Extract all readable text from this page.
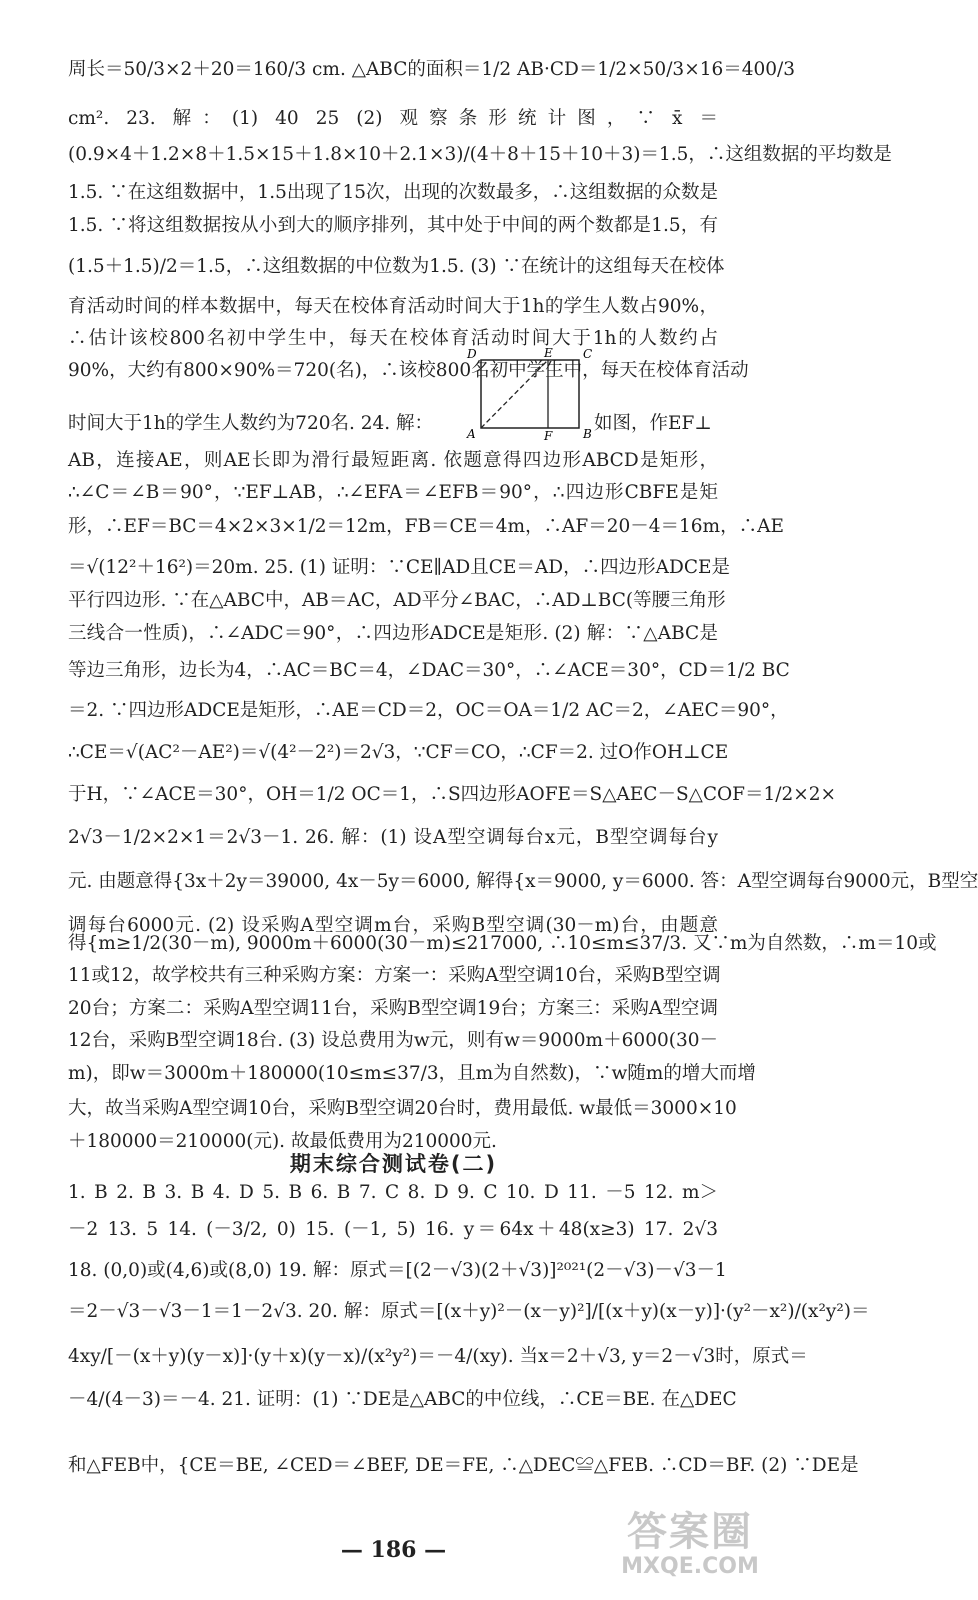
周长＝50/3×2＋20＝160/3 cm. △ABC的面积＝1/2 AB·CD＝1/2×50/3×16＝400/3
cm². 23. 解：(1) 40 25 (2) 观察条形统计图，∵ x̄ ＝
(0.9×4＋1.2×8＋1.5×15＋1.8×10＋2.1×3)/(4＋8＋15＋10＋3)＝1.5，∴这组数据的平均数是
1.5. ∵在这组数据中，1.5出现了15次，出现的次数最多，∴这组数据的众数是
1.5. ∵将这组数据按从小到大的顺序排列，其中处于中间的两个数都是1.5，有
(1.5＋1.5)/2＝1.5，∴这组数据的中位数为1.5. (3) ∵在统计的这组每天在校体
育活动时间的样本数据中，每天在校体育活动时间大于1h的学生人数占90%，
∴估计该校800名初中学生中，每天在校体育活动时间大于1h的人数约占
90%，大约有800×90%＝720(名)，∴该校800名初中学生中，每天在校体育活动
时间大于1h的学生人数约为720名. 24. 解：	如图，作EF⊥
AB，连接AE，则AE长即为滑行最短距离. 依题意得四边形ABCD是矩形，
∴∠C＝∠B＝90°，∵EF⊥AB，∴∠EFA＝∠EFB＝90°，∴四边形CBFE是矩
形，∴EF＝BC＝4×2×3×1/2＝12m，FB＝CE＝4m，∴AF＝20－4＝16m，∴AE
＝√(12²＋16²)＝20m. 25. (1) 证明：∵CE∥AD且CE＝AD，∴四边形ADCE是
平行四边形. ∵在△ABC中，AB＝AC，AD平分∠BAC，∴AD⊥BC(等腰三角形
三线合一性质)，∴∠ADC＝90°，∴四边形ADCE是矩形. (2) 解：∵△ABC是
等边三角形，边长为4，∴AC＝BC＝4，∠DAC＝30°，∴∠ACE＝30°，CD＝1/2 BC
＝2. ∵四边形ADCE是矩形，∴AE＝CD＝2，OC＝OA＝1/2 AC＝2，∠AEC＝90°，
∴CE＝√(AC²－AE²)＝√(4²－2²)＝2√3，∵CF＝CO，∴CF＝2. 过O作OH⊥CE
于H，∵∠ACE＝30°，OH＝1/2 OC＝1，∴S四边形AOFE＝S△AEC－S△COF＝1/2×2×
2√3－1/2×2×1＝2√3－1. 26. 解：(1) 设A型空调每台x元，B型空调每台y
元. 由题意得{3x＋2y＝39000, 4x－5y＝6000, 解得{x＝9000, y＝6000. 答：A型空调每台9000元，B型空
调每台6000元. (2) 设采购A型空调m台，采购B型空调(30－m)台，由题意
得{m≥1/2(30－m), 9000m＋6000(30－m)≤217000, ∴10≤m≤37/3. 又∵m为自然数，∴m＝10或
11或12，故学校共有三种采购方案：方案一：采购A型空调10台，采购B型空调
20台；方案二：采购A型空调11台，采购B型空调19台；方案三：采购A型空调
12台，采购B型空调18台. (3) 设总费用为w元，则有w＝9000m＋6000(30－
m)，即w＝3000m＋180000(10≤m≤37/3，且m为自然数)，∵w随m的增大而增
大，故当采购A型空调10台，采购B型空调20台时，费用最低. w最低＝3000×10
＋180000＝210000(元). 故最低费用为210000元.
期末综合测试卷(二)
1. B 2. B 3. B 4. D 5. B 6. B 7. C 8. D 9. C 10. D 11. －5 12. m＞
－2 13. 5 14. (－3/2, 0) 15. (－1, 5) 16. y＝64x＋48(x≥3) 17. 2√3
18. (0,0)或(4,6)或(8,0) 19. 解：原式＝[(2－√3)(2＋√3)]²⁰²¹(2－√3)－√3－1
＝2－√3－√3－1＝1－2√3. 20. 解：原式＝[(x＋y)²－(x－y)²]/[(x＋y)(x－y)]·(y²－x²)/(x²y²)＝
4xy/[－(x＋y)(y－x)]·(y＋x)(y－x)/(x²y²)＝－4/(xy). 当x＝2＋√3, y＝2－√3时，原式＝
－4/(4－3)＝－4. 21. 证明：(1) ∵DE是△ABC的中位线，∴CE＝BE. 在△DEC
和△FEB中，{CE＝BE, ∠CED＝∠BEF, DE＝FE, ∴△DEC≌△FEB. ∴CD＝BF. (2) ∵DE是
D	E	C
A	F	B
— 186 —	答案圈
MXQE.COM
